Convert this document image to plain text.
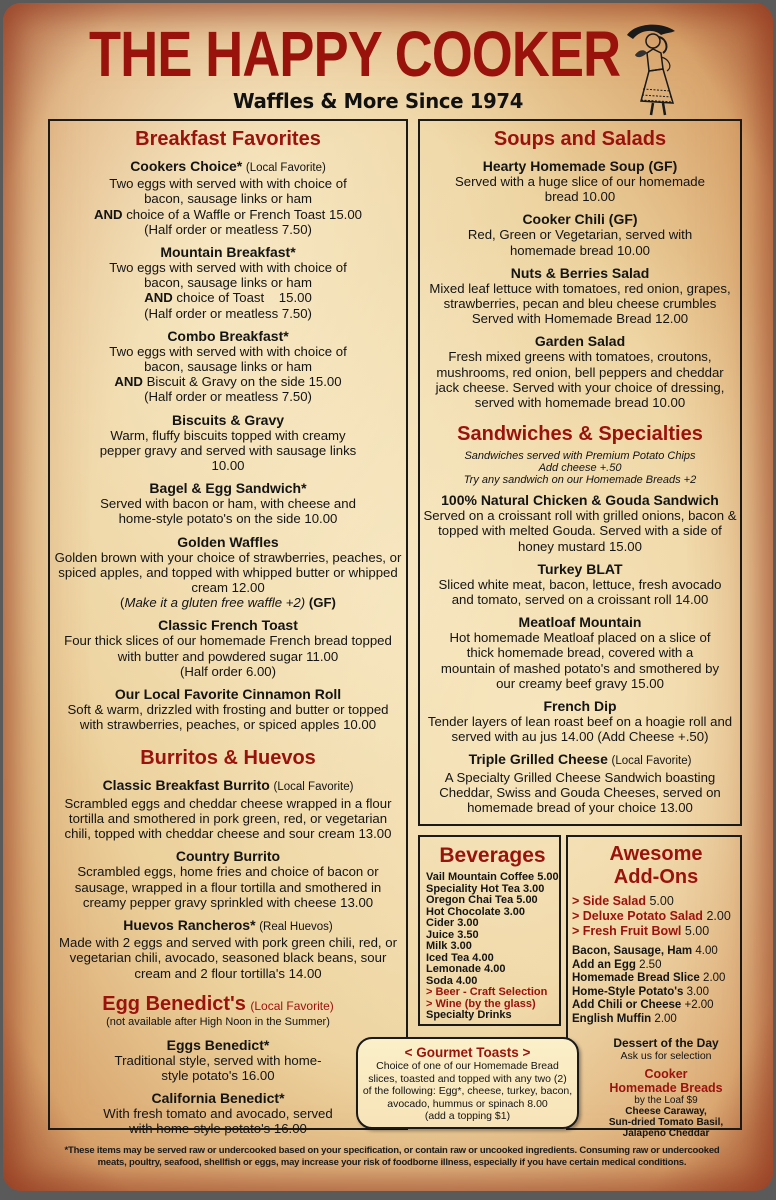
THE HAPPY COOKER
Waffles & More Since 1974
Breakfast Favorites
Cookers Choice* (Local Favorite)
Two eggs with served with with choice of
bacon, sausage links or ham
AND choice of a Waffle or French Toast 15.00
(Half order or meatless 7.50)
Mountain Breakfast*
Two eggs with served with with choice of
bacon, sausage links or ham
AND choice of Toast    15.00
(Half order or meatless 7.50)
Combo Breakfast*
Two eggs with served with with choice of
bacon, sausage links or ham
AND Biscuit & Gravy on the side 15.00
(Half order or meatless 7.50)
Biscuits & Gravy
Warm, fluffy biscuits topped with creamy pepper gravy and served with sausage links 10.00
Bagel & Egg Sandwich*
Served with bacon or ham, with cheese and home-style potato's on the side 10.00
Golden Waffles
Golden brown with your choice of strawberries, peaches, or spiced apples, and topped with whipped butter or whipped cream 12.00
(Make it a gluten free waffle +2) (GF)
Classic French Toast
Four thick slices of our homemade French bread topped with butter and powdered sugar 11.00
(Half order 6.00)
Our Local Favorite Cinnamon Roll
Soft & warm, drizzled with frosting and butter or topped with strawberries, peaches, or spiced apples 10.00
Burritos & Huevos
Classic Breakfast Burrito (Local Favorite)
Scrambled eggs and cheddar cheese wrapped in a flour tortilla and smothered in pork green, red, or vegetarian chili, topped with cheddar cheese and sour cream 13.00
Country Burrito
Scrambled eggs, home fries and choice of bacon or sausage, wrapped in a flour tortilla and smothered in creamy pepper gravy sprinkled with cheese 13.00
Huevos Rancheros* (Real Huevos)
Made with 2 eggs and served with pork green chili, red, or vegetarian chili, avocado, seasoned black beans, sour cream and 2 flour tortilla's 14.00
Egg Benedict's (Local Favorite)
(not available after High Noon in the Summer)
Eggs Benedict*
Traditional style, served with home-style potato's 16.00
California Benedict*
With fresh tomato and avocado, served with home-style potato's 16.00
Soups and Salads
Hearty Homemade Soup (GF)
Served with a huge slice of our homemade bread 10.00
Cooker Chili (GF)
Red, Green or Vegetarian, served with homemade bread 10.00
Nuts & Berries Salad
Mixed leaf lettuce with tomatoes, red onion, grapes, strawberries, pecan and bleu cheese crumbles Served with Homemade Bread 12.00
Garden Salad
Fresh mixed greens with tomatoes, croutons, mushrooms, red onion, bell peppers and cheddar jack cheese. Served with your choice of dressing, served with homemade bread 10.00
Sandwiches & Specialties
Sandwiches served with Premium Potato Chips
Add cheese +.50
Try any sandwich on our Homemade Breads +2
100% Natural Chicken & Gouda Sandwich
Served on a croissant roll with grilled onions, bacon & topped with melted Gouda. Served with a side of honey mustard 15.00
Turkey BLAT
Sliced white meat, bacon, lettuce, fresh avocado and tomato, served on a croissant roll 14.00
Meatloaf Mountain
Hot homemade Meatloaf placed on a slice of thick homemade bread, covered with a mountain of mashed potato's and smothered by our creamy beef gravy 15.00
French Dip
Tender layers of lean roast beef on a hoagie roll and served with au jus 14.00 (Add Cheese +.50)
Triple Grilled Cheese (Local Favorite)
A Specialty Grilled Cheese Sandwich boasting Cheddar, Swiss and Gouda Cheeses, served on homemade bread of your choice 13.00
Beverages
Vail Mountain Coffee 5.00
Speciality Hot Tea 3.00
Oregon Chai Tea 5.00
Hot Chocolate 3.00
Cider 3.00
Juice 3.50
Milk 3.00
Iced Tea 4.00
Lemonade 4.00
Soda 4.00
> Beer - Craft Selection
> Wine (by the glass)
Specialty Drinks
Awesome
Add-Ons
> Side Salad 5.00
> Deluxe Potato Salad 2.00
> Fresh Fruit Bowl 5.00
Bacon, Sausage, Ham 4.00
Add an Egg 2.50
Homemade Bread Slice 2.00
Home-Style Potato's 3.00
Add Chili or Cheese +2.00
English Muffin 2.00
Dessert of the Day
Ask us for selection
Cooker
Homemade Breads
by the Loaf $9
Cheese Caraway,
Sun-dried Tomato Basil,
Jalapeño Cheddar
< Gourmet Toasts >
Choice of one of our Homemade Bread
slices, toasted and topped with any two (2)
of the following: Egg*, cheese, turkey, bacon,
avocado, hummus or spinach 8.00
(add a topping $1)
*These items may be served raw or undercooked based on your specification, or contain raw or uncooked ingredients. Consuming raw or undercooked
meats, poultry, seafood, shellfish or eggs, may increase your risk of foodborne illness, especially if you have certain medical conditions.
